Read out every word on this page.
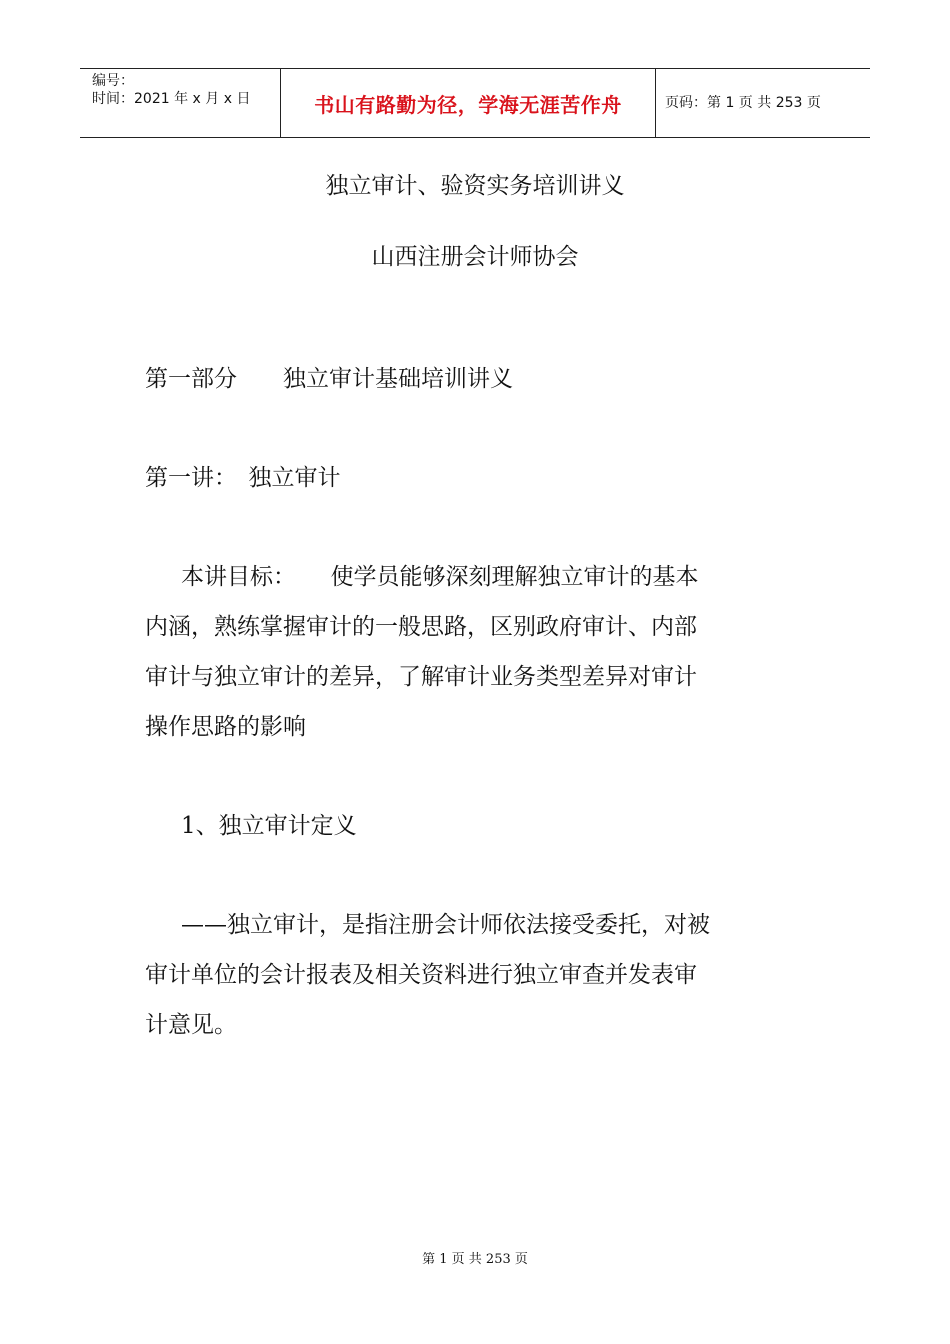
编号：
时间：2021 年 x 月 x 日	书山有路勤为径，学海无涯苦作舟	页码：第 1 页 共 253 页
独立审计、验资实务培训讲义
山西注册会计师协会
第一部分　　独立审计基础培训讲义
第一讲：　独立审计

本讲目标：　　使学员能够深刻理解独立审计的基本

内涵，熟练掌握审计的一般思路，区别政府审计、内部

审计与独立审计的差异，了解审计业务类型差异对审计

操作思路的影响

1、独立审计定义

——独立审计，是指注册会计师依法接受委托，对被

审计单位的会计报表及相关资料进行独立审查并发表审

计意见。

第 1 页 共 253 页
